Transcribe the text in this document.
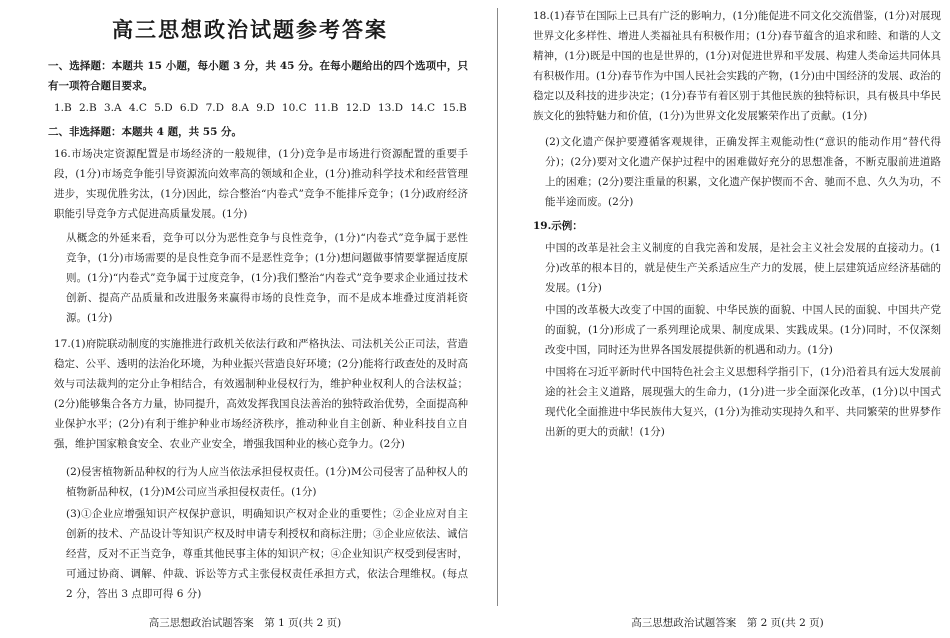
高三思想政治试题参考答案
一、选择题：本题共 15 小题，每小题 3 分，共 45 分。在每小题给出的四个选项中，只有一项符合题目要求。
1.B 2.B 3.A 4.C 5.D 6.D 7.D 8.A 9.D 10.C 11.B 12.D 13.D 14.C 15.B
二、非选择题：本题共 4 题，共 55 分。
16.市场决定资源配置是市场经济的一般规律，(1分)竞争是市场进行资源配置的重要手段，(1分)市场竞争能引导资源流向效率高的领域和企业，(1分)推动科学技术和经营管理进步，实现优胜劣汰，(1分)因此，综合整治“内卷式”竞争不能排斥竞争；(1分)政府经济职能引导竞争方式促进高质量发展。(1分)
从概念的外延来看，竞争可以分为恶性竞争与良性竞争，(1分)“内卷式”竞争属于恶性竞争，(1分)市场需要的是良性竞争而不是恶性竞争；(1分)想问题做事情要掌握适度原则。(1分)“内卷式”竞争属于过度竞争，(1分)我们整治“内卷式”竞争要求企业通过技术创新、提高产品质量和改进服务来赢得市场的良性竞争，而不是成本堆叠过度消耗资源。(1分)
17.(1)府院联动制度的实施推进行政机关依法行政和严格执法、司法机关公正司法，营造稳定、公平、透明的法治化环境，为种业振兴营造良好环境；(2分)能将行政查处的及时高效与司法裁判的定分止争相结合，有效遏制种业侵权行为，维护种业权利人的合法权益；(2分)能够集合各方力量，协同提升，高效发挥我国良法善治的独特政治优势，全面提高种业保护水平；(2分)有利于维护种业市场经济秩序，推动种业自主创新、种业科技自立自强，维护国家粮食安全、农业产业安全，增强我国种业的核心竞争力。(2分)
(2)侵害植物新品种权的行为人应当依法承担侵权责任。(1分)M公司侵害了品种权人的植物新品种权，(1分)M公司应当承担侵权责任。(1分)
(3)①企业应增强知识产权保护意识，明确知识产权对企业的重要性；②企业应对自主创新的技术、产品设计等知识产权及时申请专利授权和商标注册；③企业应依法、诚信经营，反对不正当竞争，尊重其他民事主体的知识产权；④企业知识产权受到侵害时，可通过协商、调解、仲裁、诉讼等方式主张侵权责任承担方式，依法合理维权。(每点 2 分，答出 3 点即可得 6 分)
高三思想政治试题答案　第 1 页(共 2 页)
18.(1)春节在国际上已具有广泛的影响力，(1分)能促进不同文化交流借鉴，(1分)对展现世界文化多样性、增进人类福祉具有积极作用；(1分)春节蕴含的追求和睦、和谐的人文精神，(1分)既是中国的也是世界的，(1分)对促进世界和平发展、构建人类命运共同体具有积极作用。(1分)春节作为中国人民社会实践的产物，(1分)由中国经济的发展、政治的稳定以及科技的进步决定；(1分)春节有着区别于其他民族的独特标识，具有极具中华民族文化的独特魅力和价值，(1分)为世界文化发展繁荣作出了贡献。(1分)
(2)文化遗产保护要遵循客观规律，正确发挥主观能动性(“意识的能动作用”替代得分)；(2分)要对文化遗产保护过程中的困难做好充分的思想准备，不断克服前进道路上的困难；(2分)要注重量的积累，文化遗产保护锲而不舍、驰而不息、久久为功，不能半途而废。(2分)
19.示例：
中国的改革是社会主义制度的自我完善和发展，是社会主义社会发展的直接动力。(1分)改革的根本目的，就是使生产关系适应生产力的发展，使上层建筑适应经济基础的发展。(1分)
中国的改革极大改变了中国的面貌、中华民族的面貌、中国人民的面貌、中国共产党的面貌，(1分)形成了一系列理论成果、制度成果、实践成果。(1分)同时，不仅深刻改变中国，同时还为世界各国发展提供新的机遇和动力。(1分)
中国将在习近平新时代中国特色社会主义思想科学指引下，(1分)沿着具有远大发展前途的社会主义道路，展现强大的生命力，(1分)进一步全面深化改革，(1分)以中国式现代化全面推进中华民族伟大复兴，(1分)为推动实现持久和平、共同繁荣的世界梦作出新的更大的贡献！(1分)
高三思想政治试题答案　第 2 页(共 2 页)
